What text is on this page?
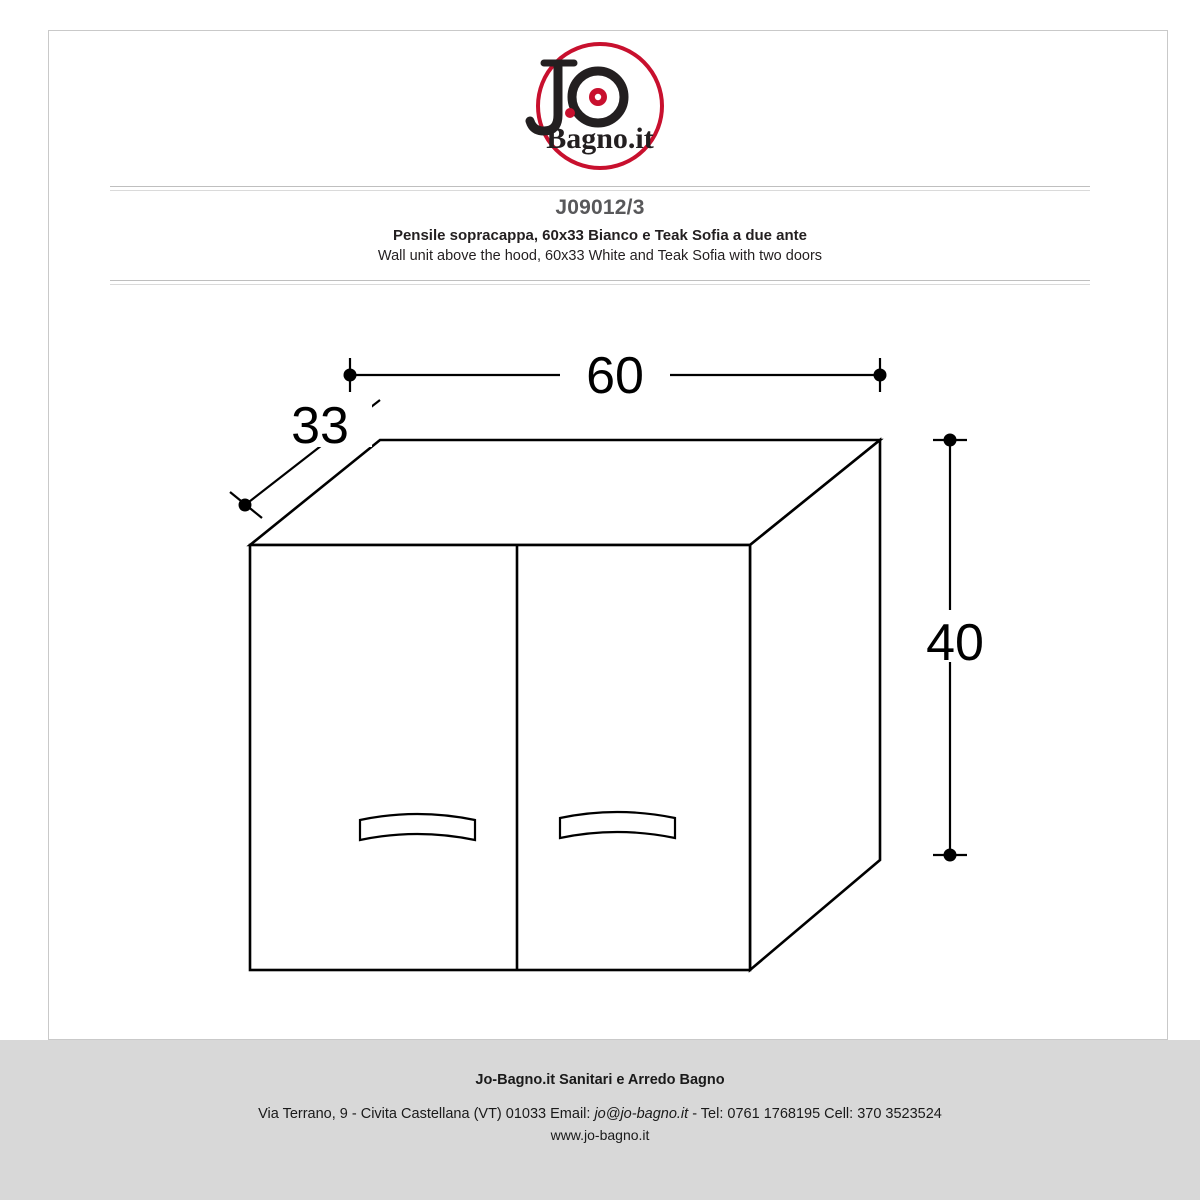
Bagno.it
J09012/3
Pensile sopracappa, 60x33 Bianco e Teak Sofia a due ante
Wall unit above the hood, 60x33 White and Teak Sofia with two doors
60
33
40
Jo-Bagno.it Sanitari e Arredo Bagno
Via Terrano, 9 - Civita Castellana (VT) 01033 Email: jo@jo-bagno.it - Tel: 0761 1768195 Cell: 370 3523524
www.jo-bagno.it
